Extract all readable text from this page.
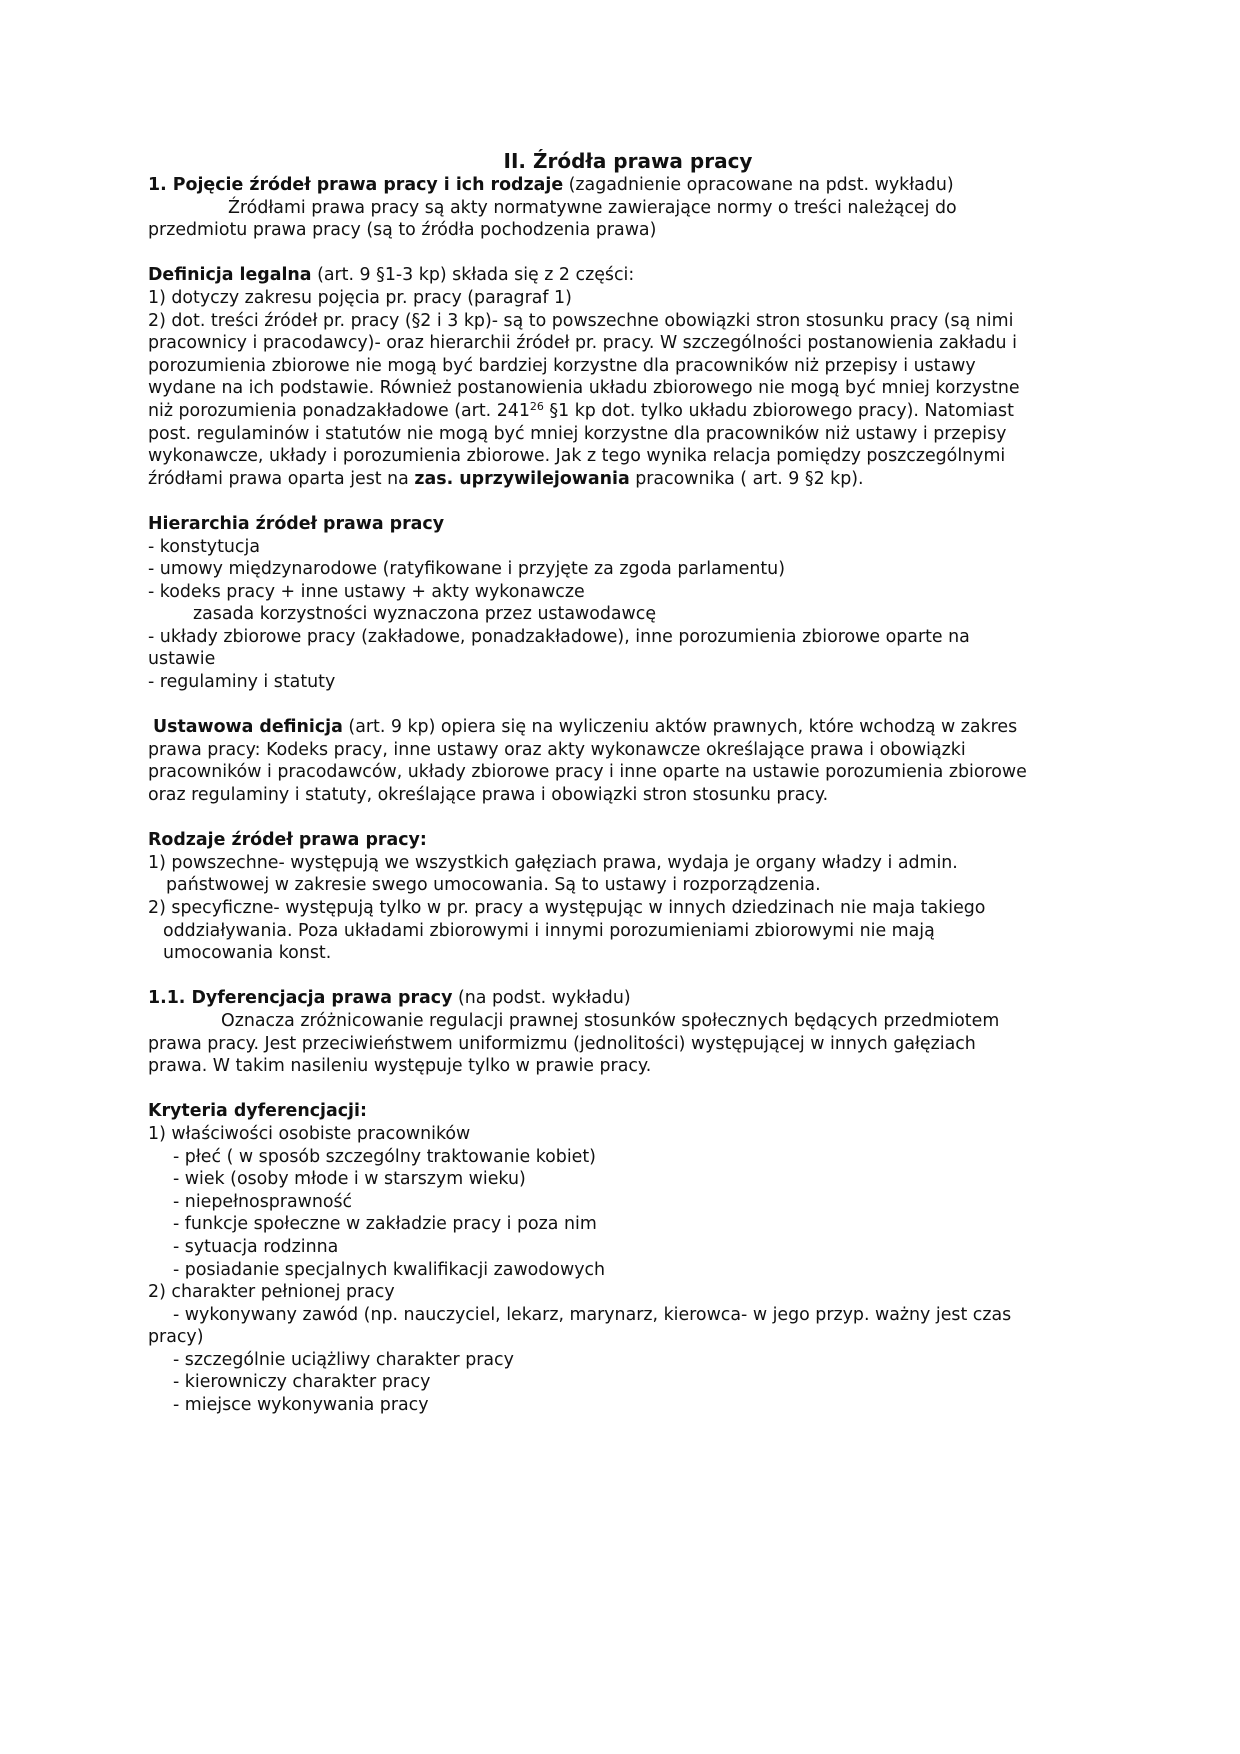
II. Źródła prawa pracy
1. Pojęcie źródeł prawa pracy i ich rodzaje (zagadnienie opracowane na pdst. wykładu)
Źródłami prawa pracy są akty normatywne zawierające normy o treści należącej do
przedmiotu prawa pracy (są to źródła pochodzenia prawa)
Definicja legalna (art. 9 §1-3 kp) składa się z 2 części:
1) dotyczy zakresu pojęcia pr. pracy (paragraf 1)
2) dot. treści źródeł pr. pracy (§2 i 3 kp)- są to powszechne obowiązki stron stosunku pracy (są nimi
pracownicy i pracodawcy)- oraz hierarchii źródeł pr. pracy. W szczególności postanowienia zakładu i
porozumienia zbiorowe nie mogą być bardziej korzystne dla pracowników niż przepisy i ustawy
wydane na ich podstawie. Również postanowienia układu zbiorowego nie mogą być mniej korzystne
niż porozumienia ponadzakładowe (art. $241^{26}$ §1 kp dot. tylko układu zbiorowego pracy). Natomiast
post. regulaminów i statutów nie mogą być mniej korzystne dla pracowników niż ustawy i przepisy
wykonawcze, układy i porozumienia zbiorowe. Jak z tego wynika relacja pomiędzy poszczególnymi
źródłami prawa oparta jest na zas. uprzywilejowania pracownika ( art. 9 §2 kp).
Hierarchia źródeł prawa pracy
- konstytucja
- umowy międzynarodowe (ratyfikowane i przyjęte za zgoda parlamentu)
- kodeks pracy + inne ustawy + akty wykonawcze
zasada korzystności wyznaczona przez ustawodawcę
- układy zbiorowe pracy (zakładowe, ponadzakładowe), inne porozumienia zbiorowe oparte na
ustawie
- regulaminy i statuty
Ustawowa definicja (art. 9 kp) opiera się na wyliczeniu aktów prawnych, które wchodzą w zakres
prawa pracy: Kodeks pracy, inne ustawy oraz akty wykonawcze określające prawa i obowiązki
pracowników i pracodawców, układy zbiorowe pracy i inne oparte na ustawie porozumienia zbiorowe
oraz regulaminy i statuty, określające prawa i obowiązki stron stosunku pracy.
Rodzaje źródeł prawa pracy:
1) powszechne- występują we wszystkich gałęziach prawa, wydaja je organy władzy i admin.
państwowej w zakresie swego umocowania. Są to ustawy i rozporządzenia.
2) specyficzne- występują tylko w pr. pracy a występując w innych dziedzinach nie maja takiego
oddziaływania. Poza układami zbiorowymi i innymi porozumieniami zbiorowymi nie mają
umocowania konst.
1.1. Dyferencjacja prawa pracy (na podst. wykładu)
Oznacza zróżnicowanie regulacji prawnej stosunków społecznych będących przedmiotem
prawa pracy. Jest przeciwieństwem uniformizmu (jednolitości) występującej w innych gałęziach
prawa. W takim nasileniu występuje tylko w prawie pracy.
Kryteria dyferencjacji:
1) właściwości osobiste pracowników
- płeć ( w sposób szczególny traktowanie kobiet)
- wiek (osoby młode i w starszym wieku)
- niepełnosprawność
- funkcje społeczne w zakładzie pracy i poza nim
- sytuacja rodzinna
- posiadanie specjalnych kwalifikacji zawodowych
2) charakter pełnionej pracy
- wykonywany zawód (np. nauczyciel, lekarz, marynarz, kierowca- w jego przyp. ważny jest czas
pracy)
- szczególnie uciążliwy charakter pracy
- kierowniczy charakter pracy
- miejsce wykonywania pracy
